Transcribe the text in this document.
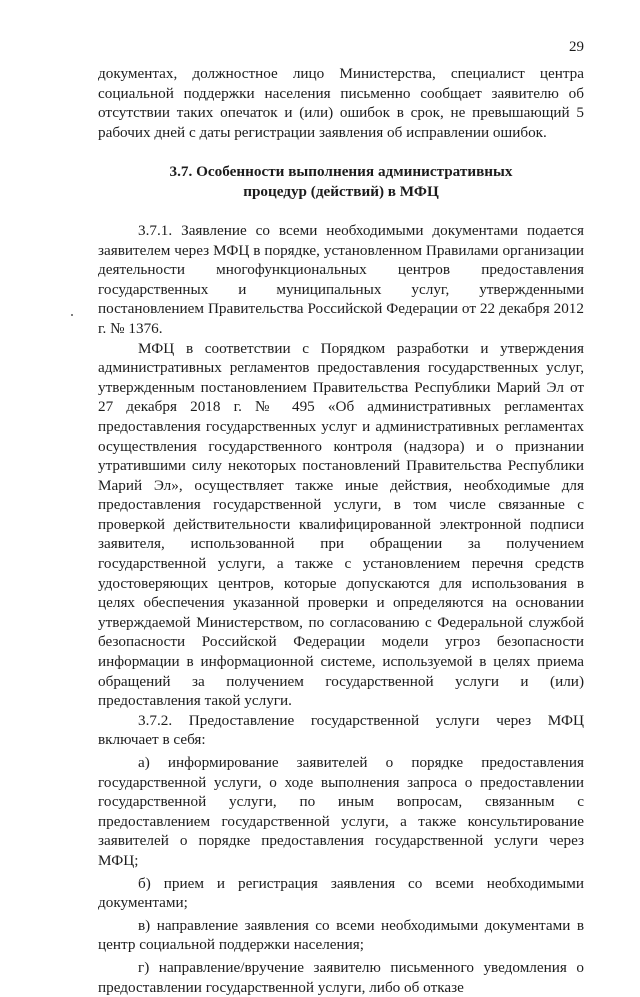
29

документах, должностное лицо Министерства, специалист центра социальной поддержки населения письменно сообщает заявителю об отсутствии таких опечаток и (или) ошибок в срок, не превышающий 5 рабочих дней с даты регистрации заявления об исправлении ошибок.

3.7. Особенности выполнения административных
процедур (действий) в МФЦ

3.7.1. Заявление со всеми необходимыми документами подается заявителем через МФЦ в порядке, установленном Правилами организации деятельности многофункциональных центров предоставления государственных и муниципальных услуг, утвержденными постановлением Правительства Российской Федерации от 22 декабря 2012 г. № 1376.

МФЦ в соответствии с Порядком разработки и утверждения административных регламентов предоставления государственных услуг, утвержденным постановлением Правительства Республики Марий Эл от 27 декабря 2018 г. № 495 «Об административных регламентах предоставления государственных услуг и административных регламентах осуществления государственного контроля (надзора) и о признании утратившими силу некоторых постановлений Правительства Республики Марий Эл», осуществляет также иные действия, необходимые для предоставления государственной услуги, в том числе связанные с проверкой действительности квалифицированной электронной подписи заявителя, использованной при обращении за получением государственной услуги, а также с установлением перечня средств удостоверяющих центров, которые допускаются для использования в целях обеспечения указанной проверки и определяются на основании утверждаемой Министерством, по согласованию с Федеральной службой безопасности Российской Федерации модели угроз безопасности информации в информационной системе, используемой в целях приема обращений за получением государственной услуги и (или) предоставления такой услуги.

3.7.2. Предоставление государственной услуги через МФЦ включает в себя:

а) информирование заявителей о порядке предоставления государственной услуги, о ходе выполнения запроса о предоставлении государственной услуги, по иным вопросам, связанным с предоставлением государственной услуги, а также консультирование заявителей о порядке предоставления государственной услуги через МФЦ;

б) прием и регистрация заявления со всеми необходимыми документами;

в) направление заявления со всеми необходимыми документами в центр социальной поддержки населения;

г) направление/вручение заявителю письменного уведомления о предоставлении государственной услуги, либо об отказе
